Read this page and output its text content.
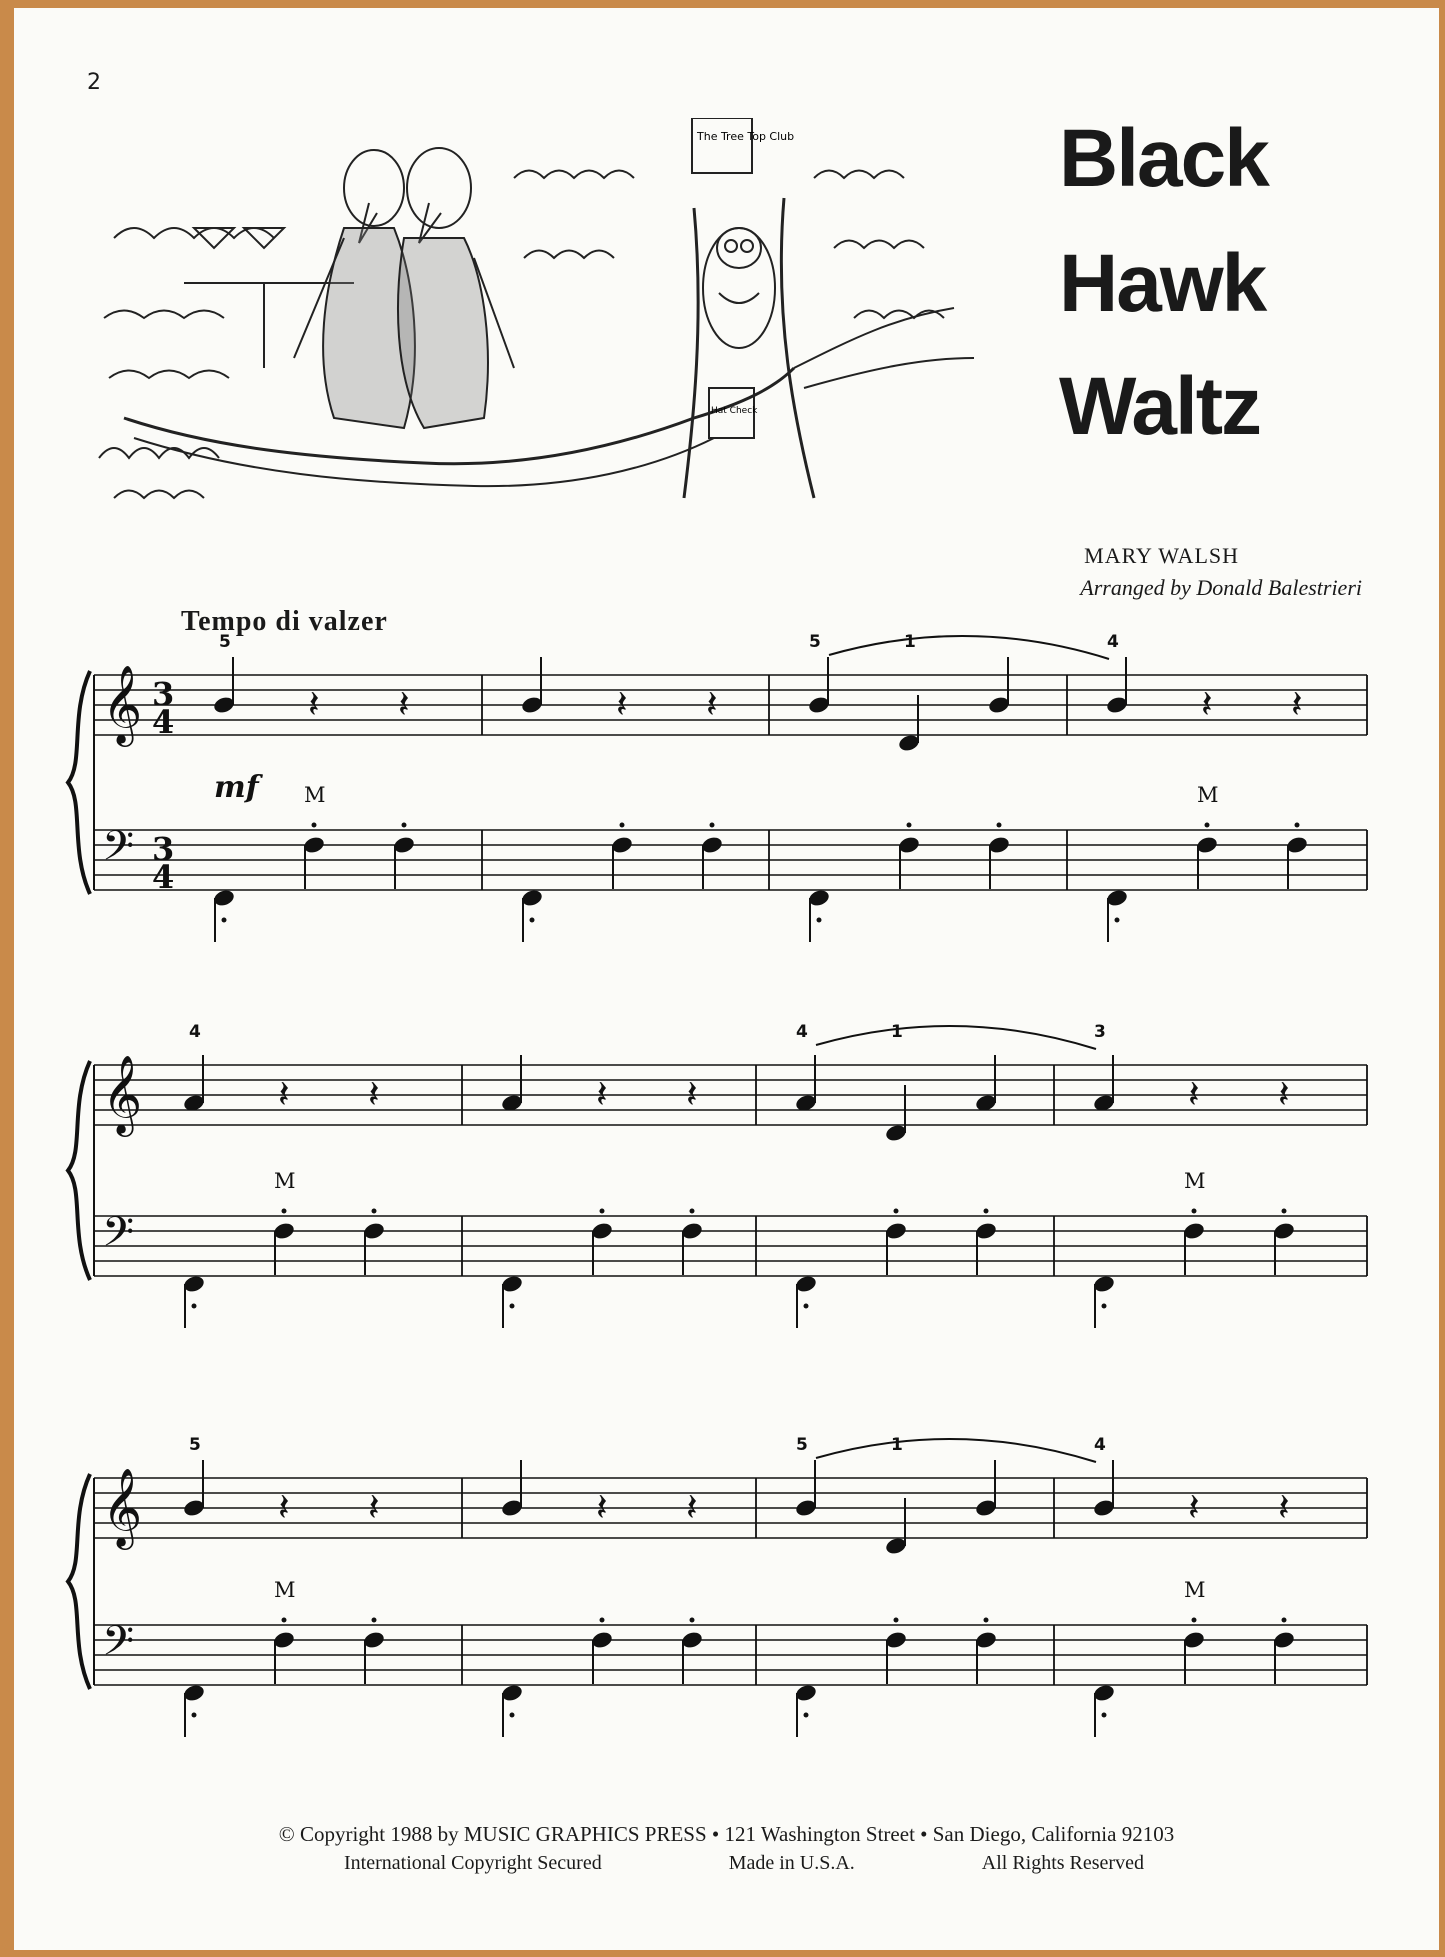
2
The Tree Top Club
Hat Check
Black
Hawk
Waltz
MARY WALSH
Arranged by Donald Balestrieri
Tempo di valzer
𝄞
𝄢
3
4
3
4
mf
𝄽 𝄽	𝄽 𝄽	𝄽 𝄽
5	5	1	4
M	M
𝄞
𝄢
𝄽 𝄽	𝄽 𝄽	𝄽 𝄽
4	4	1	3
M	M
𝄞
𝄢
𝄽 𝄽	𝄽 𝄽	𝄽 𝄽
5	5	1	4
M	M
© Copyright 1988 by MUSIC GRAPHICS PRESS • 121 Washington Street • San Diego, California 92103
International Copyright Secured	Made in U.S.A.	All Rights Reserved
